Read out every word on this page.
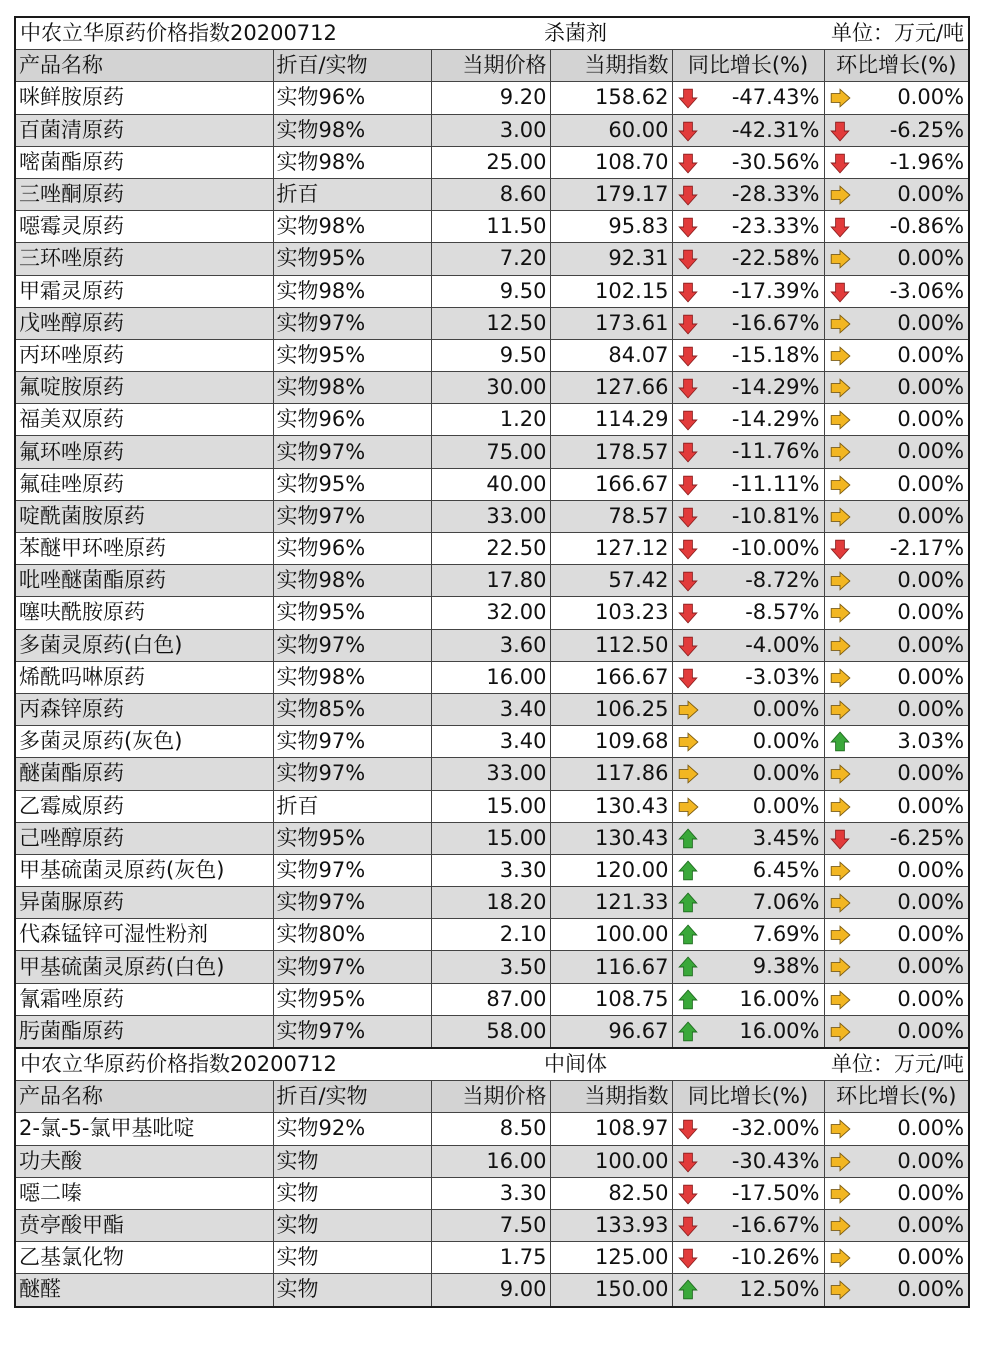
中农立华原药价格指数20200712 杀菌剂 单位：万元/吨					

产品名称	折百/实物	当期价格	当期指数	同比增长(%)	环比增长(%)
咪鲜胺原药	实物96%	9.20	158.62	-47.43%	0.00%

百菌清原药	实物98%	3.00	60.00	-42.31%	-6.25%

嘧菌酯原药	实物98%	25.00	108.70	-30.56%	-1.96%

三唑酮原药	折百	8.60	179.17	-28.33%	0.00%

噁霉灵原药	实物98%	11.50	95.83	-23.33%	-0.86%

三环唑原药	实物95%	7.20	92.31	-22.58%	0.00%

甲霜灵原药	实物98%	9.50	102.15	-17.39%	-3.06%

戊唑醇原药	实物97%	12.50	173.61	-16.67%	0.00%

丙环唑原药	实物95%	9.50	84.07	-15.18%	0.00%

氟啶胺原药	实物98%	30.00	127.66	-14.29%	0.00%

福美双原药	实物96%	1.20	114.29	-14.29%	0.00%

氟环唑原药	实物97%	75.00	178.57	-11.76%	0.00%

氟硅唑原药	实物95%	40.00	166.67	-11.11%	0.00%

啶酰菌胺原药	实物97%	33.00	78.57	-10.81%	0.00%

苯醚甲环唑原药	实物96%	22.50	127.12	-10.00%	-2.17%

吡唑醚菌酯原药	实物98%	17.80	57.42	-8.72%	0.00%

噻呋酰胺原药	实物95%	32.00	103.23	-8.57%	0.00%

多菌灵原药(白色)	实物97%	3.60	112.50	-4.00%	0.00%

烯酰吗啉原药	实物98%	16.00	166.67	-3.03%	0.00%

丙森锌原药	实物85%	3.40	106.25	0.00%	0.00%

多菌灵原药(灰色)	实物97%	3.40	109.68	0.00%	3.03%

醚菌酯原药	实物97%	33.00	117.86	0.00%	0.00%

乙霉威原药	折百	15.00	130.43	0.00%	0.00%

己唑醇原药	实物95%	15.00	130.43	3.45%	-6.25%

甲基硫菌灵原药(灰色)	实物97%	3.30	120.00	6.45%	0.00%

异菌脲原药	实物97%	18.20	121.33	7.06%	0.00%

代森锰锌可湿性粉剂	实物80%	2.10	100.00	7.69%	0.00%

甲基硫菌灵原药(白色)	实物97%	3.50	116.67	9.38%	0.00%

氰霜唑原药	实物95%	87.00	108.75	16.00%	0.00%

肟菌酯原药	实物97%	58.00	96.67	16.00%	0.00%
中农立华原药价格指数20200712 中间体 单位：万元/吨					

产品名称	折百/实物	当期价格	当期指数	同比增长(%)	环比增长(%)
2-氯-5-氯甲基吡啶	实物92%	8.50	108.97	-32.00%	0.00%

功夫酸	实物	16.00	100.00	-30.43%	0.00%

噁二嗪	实物	3.30	82.50	-17.50%	0.00%

贲亭酸甲酯	实物	7.50	133.93	-16.67%	0.00%

乙基氯化物	实物	1.75	125.00	-10.26%	0.00%

醚醛	实物	9.00	150.00	12.50%	0.00%
